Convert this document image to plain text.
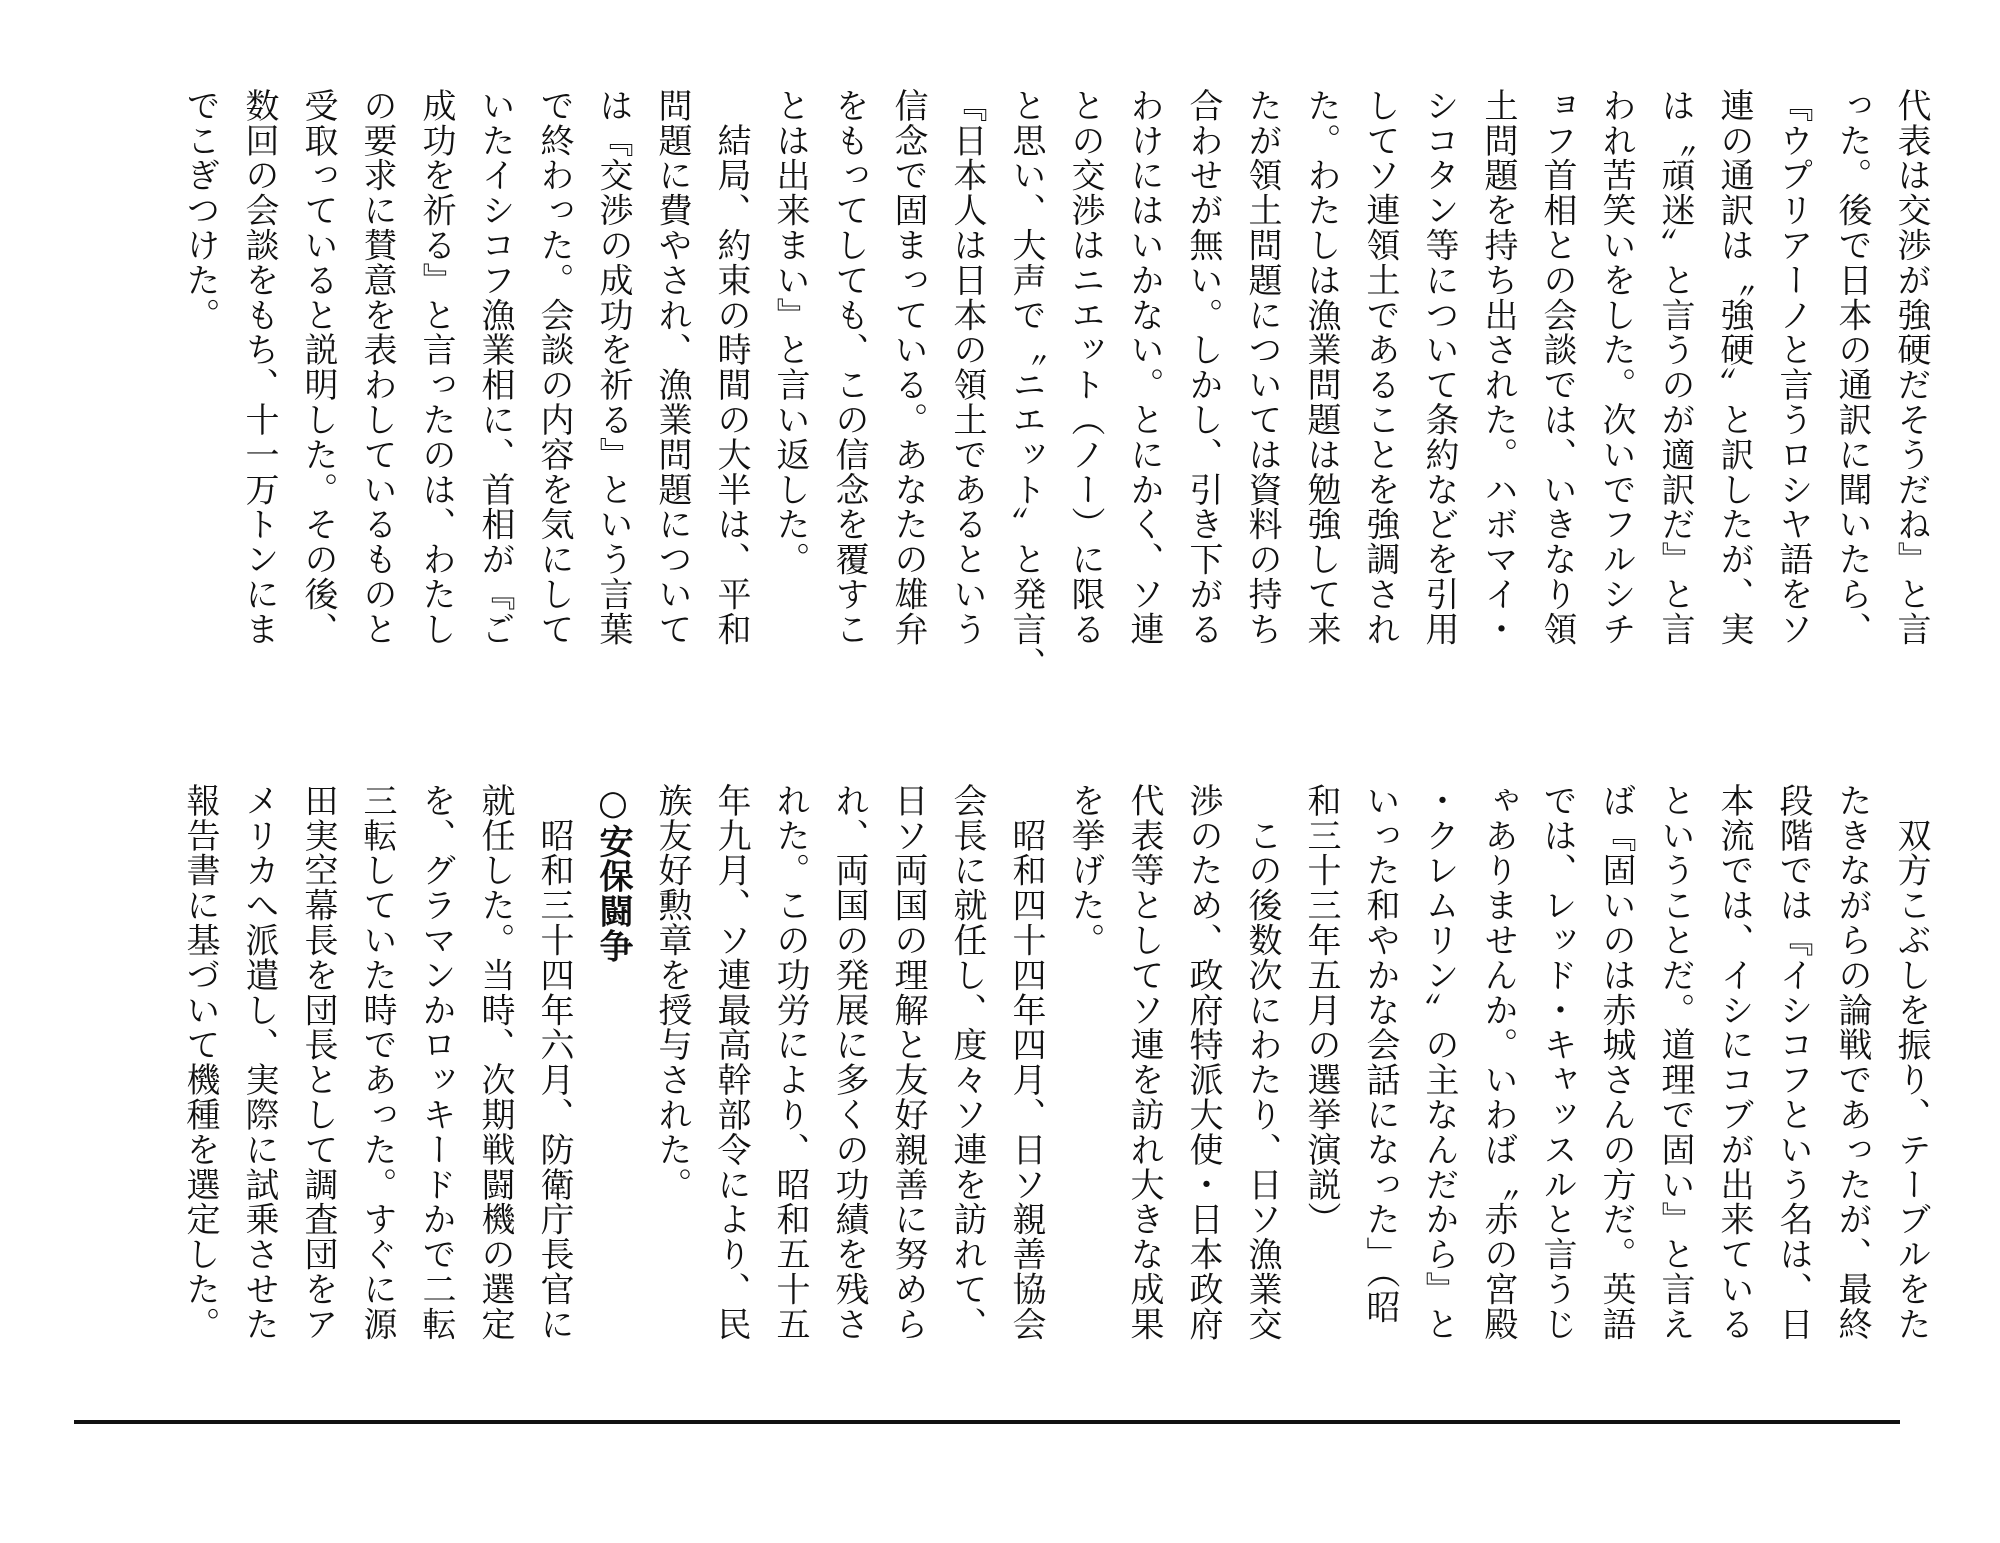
代表は交渉が強硬だそうだね』と言

った。後で日本の通訳に聞いたら、

『ウプリアーノと言うロシヤ語をソ

連の通訳は〝強硬〟と訳したが、実

は〝頑迷〟と言うのが適訳だ』と言

われ苦笑いをした。次いでフルシチ

ョフ首相との会談では、いきなり領

土問題を持ち出された。ハボマイ・

シコタン等について条約などを引用

してソ連領土であることを強調され

た。わたしは漁業問題は勉強して来

たが領土問題については資料の持ち

合わせが無い。しかし、引き下がる

わけにはいかない。とにかく、ソ連

との交渉はニエット（ノー）に限る

と思い、大声で〝ニエット〟と発言、

『日本人は日本の領土であるという

信念で固まっている。あなたの雄弁

をもってしても、この信念を覆すこ

とは出来まい』と言い返した。

　結局、約束の時間の大半は、平和

問題に費やされ、漁業問題について

は『交渉の成功を祈る』という言葉

で終わった。会談の内容を気にして

いたイシコフ漁業相に、首相が『ご

成功を祈る』と言ったのは、わたし

の要求に賛意を表わしているものと

受取っていると説明した。その後、

数回の会談をもち、十一万トンにま

でこぎつけた。

　双方こぶしを振り、テーブルをた

たきながらの論戦であったが、最終

段階では『イシコフという名は、日

本流では、イシにコブが出来ている

ということだ。道理で固い』と言え

ば『固いのは赤城さんの方だ。英語

では、レッド・キャッスルと言うじ

ゃありませんか。いわば〝赤の宮殿

・クレムリン〟の主なんだから』と

いった和やかな会話になった」（昭

和三十三年五月の選挙演説）

　この後数次にわたり、日ソ漁業交

渉のため、政府特派大使・日本政府

代表等としてソ連を訪れ大きな成果

を挙げた。

　昭和四十四年四月、日ソ親善協会

会長に就任し、度々ソ連を訪れて、

日ソ両国の理解と友好親善に努めら

れ、両国の発展に多くの功績を残さ

れた。この功労により、昭和五十五

年九月、ソ連最高幹部令により、民

族友好勲章を授与された。

○安保闘争

　昭和三十四年六月、防衛庁長官に

就任した。当時、次期戦闘機の選定

を、グラマンかロッキードかで二転

三転していた時であった。すぐに源

田実空幕長を団長として調査団をア

メリカへ派遣し、実際に試乗させた

報告書に基づいて機種を選定した。
